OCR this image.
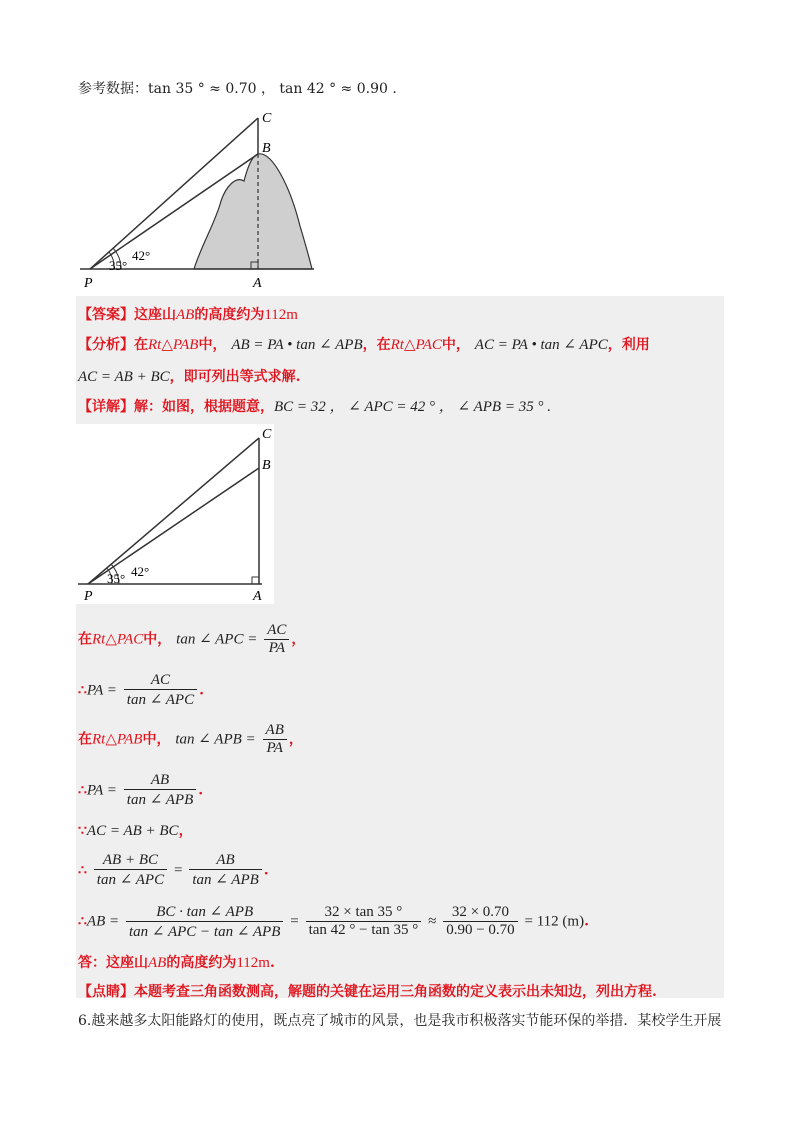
参考数据：tan 35 ° ≈ 0.70 ， tan 42 ° ≈ 0.90 .
C
B
P	A
35°
42°
【答案】这座山AB的高度约为112m
【分析】在Rt△PAB中， AB = PA • tan ∠ APB，在Rt△PAC中， AC = PA • tan ∠ APC，利用
AC = AB + BC，即可列出等式求解.
【详解】解：如图，根据题意，BC = 32 ， ∠ APC = 42 ° ， ∠ APB = 35 ° .
C
B
P	A
35° 42°
在Rt△PAC中， tan ∠ APC = $\frac{AC}{PA}$ ，
∴PA = $\frac{AC}{\text{tan ∠ APC}}$ .
在Rt△PAB中， tan ∠ APB = $\frac{AB}{PA}$ ，
∴PA = $\frac{AB}{\text{tan ∠ APB}}$ .
∵AC = AB + BC，
∴ $\frac{AB + BC}{\text{tan ∠ APC}} = \frac{AB}{\text{tan ∠ APB}}$ .
∴AB = $\frac{\text{BC · tan ∠ APB}}{\text{tan ∠ APC − tan ∠ APB}} = \frac{32 \times \tan 35 ^\circ}{\tan 42 ^\circ - \tan 35 ^\circ} \approx \frac{32 \times 0.70}{0.90 - 0.70} = 112$ (m).
答：这座山AB的高度约为112m.
【点睛】本题考查三角函数测高，解题的关键在运用三角函数的定义表示出未知边，列出方程.
6.越来越多太阳能路灯的使用，既点亮了城市的风景，也是我市积极落实节能环保的举措．某校学生开展
